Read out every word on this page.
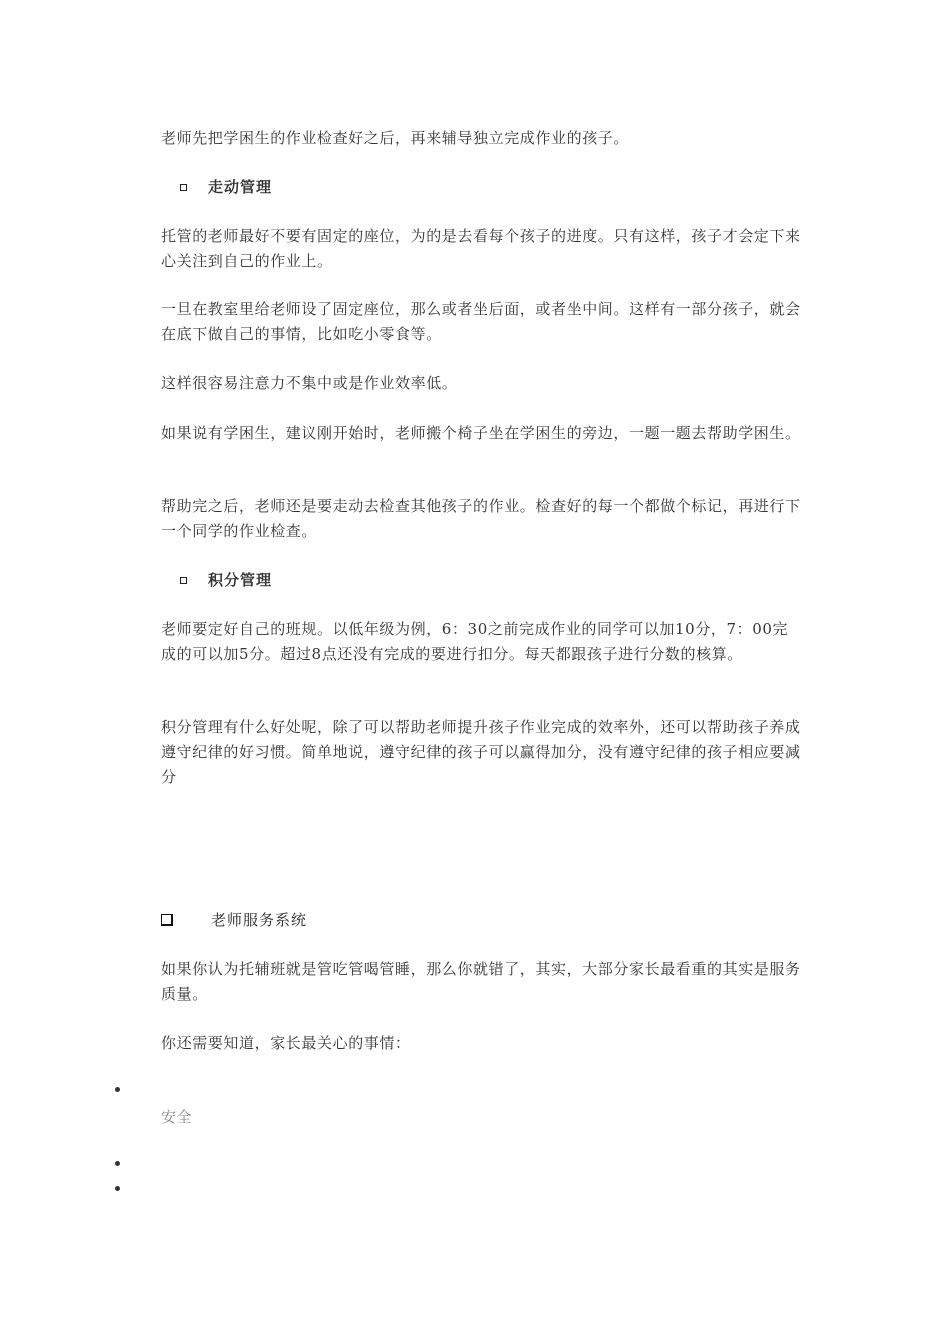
老师先把学困生的作业检查好之后，再来辅导独立完成作业的孩子。

走动管理

托管的老师最好不要有固定的座位，为的是去看每个孩子的进度。只有这样，孩子才会定下来心关注到自己的作业上。

一旦在教室里给老师设了固定座位，那么或者坐后面，或者坐中间。这样有一部分孩子，就会在底下做自己的事情，比如吃小零食等。

这样很容易注意力不集中或是作业效率低。

如果说有学困生，建议刚开始时，老师搬个椅子坐在学困生的旁边，一题一题去帮助学困生。

帮助完之后，老师还是要走动去检查其他孩子的作业。检查好的每一个都做个标记，再进行下一个同学的作业检查。

积分管理

老师要定好自己的班规。以低年级为例，6：30之前完成作业的同学可以加10分，7：00完成的可以加5分。超过8点还没有完成的要进行扣分。每天都跟孩子进行分数的核算。

积分管理有什么好处呢，除了可以帮助老师提升孩子作业完成的效率外，还可以帮助孩子养成遵守纪律的好习惯。简单地说，遵守纪律的孩子可以赢得加分，没有遵守纪律的孩子相应要减分

老师服务系统

如果你认为托辅班就是管吃管喝管睡，那么你就错了，其实，大部分家长最看重的其实是服务质量。

你还需要知道，家长最关心的事情：

安全
